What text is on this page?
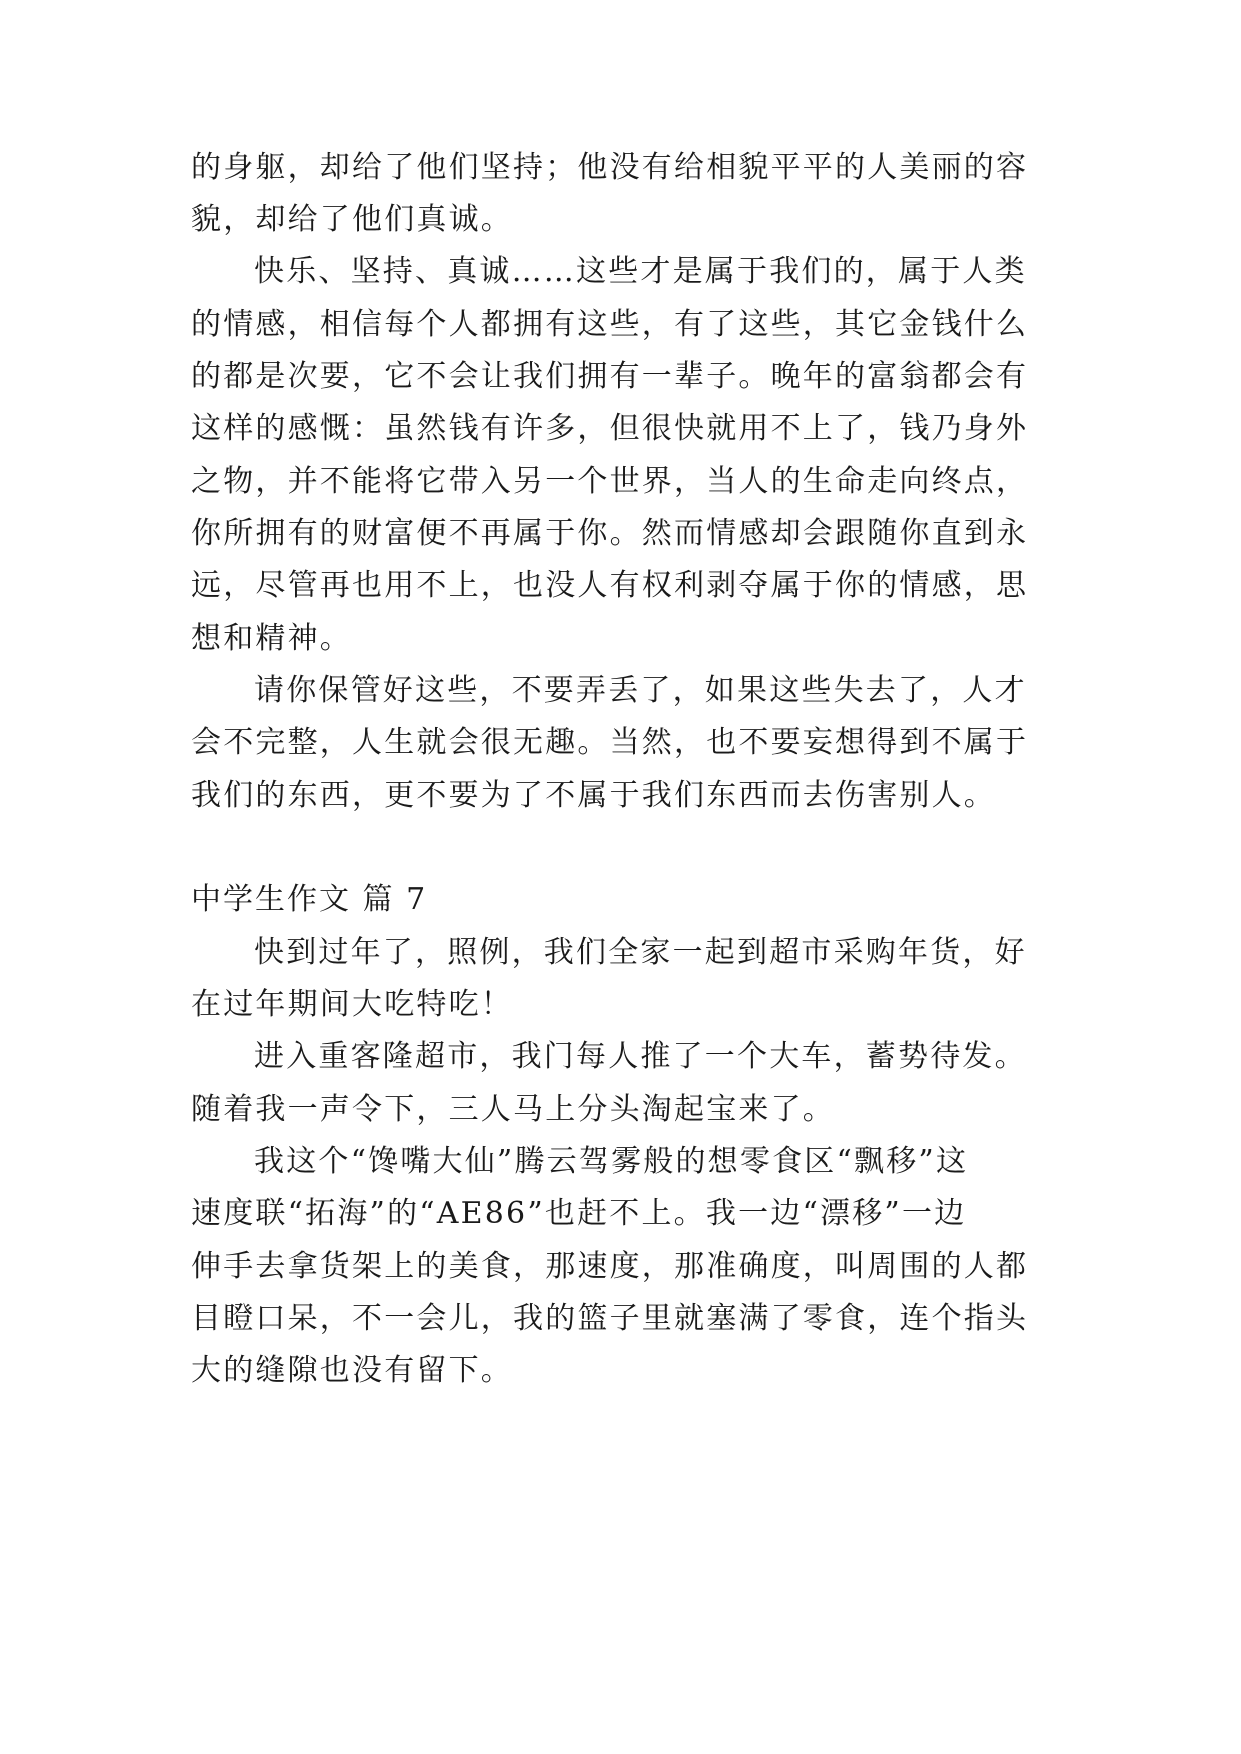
的身躯，却给了他们坚持；他没有给相貌平平的人美丽的容
貌，却给了他们真诚。
快乐、坚持、真诚……这些才是属于我们的，属于人类
的情感，相信每个人都拥有这些，有了这些，其它金钱什么
的都是次要，它不会让我们拥有一辈子。晚年的富翁都会有
这样的感慨：虽然钱有许多，但很快就用不上了，钱乃身外
之物，并不能将它带入另一个世界，当人的生命走向终点，
你所拥有的财富便不再属于你。然而情感却会跟随你直到永
远，尽管再也用不上，也没人有权利剥夺属于你的情感，思
想和精神。
请你保管好这些，不要弄丢了，如果这些失去了，人才
会不完整，人生就会很无趣。当然，也不要妄想得到不属于
我们的东西，更不要为了不属于我们东西而去伤害别人。
中学生作文 篇 7
快到过年了，照例，我们全家一起到超市采购年货，好
在过年期间大吃特吃！
进入重客隆超市，我门每人推了一个大车，蓄势待发。
随着我一声令下，三人马上分头淘起宝来了。
我这个“馋嘴大仙”腾云驾雾般的想零食区“飘移”这
速度联“拓海”的“AE86”也赶不上。我一边“漂移”一边
伸手去拿货架上的美食，那速度，那准确度，叫周围的人都
目瞪口呆，不一会儿，我的篮子里就塞满了零食，连个指头
大的缝隙也没有留下。
